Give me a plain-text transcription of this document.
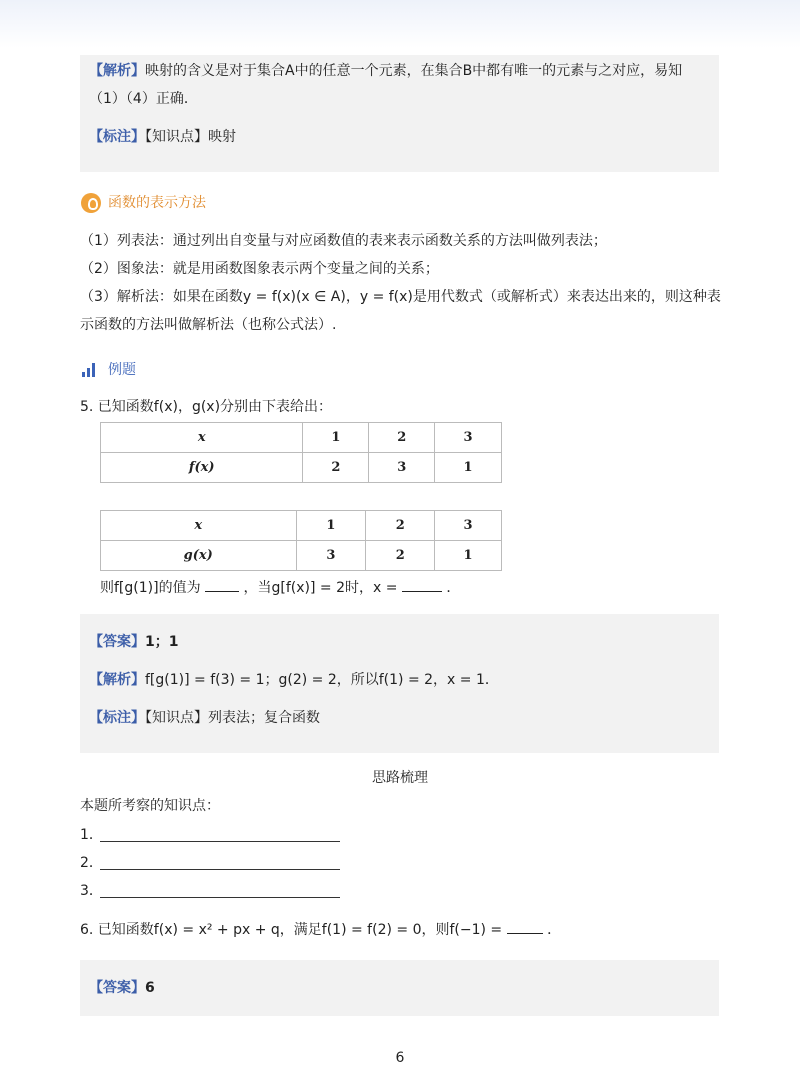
【解析】映射的含义是对于集合A中的任意一个元素，在集合B中都有唯一的元素与之对应，易知
（1）（4）正确．
【标注】【知识点】映射
函数的表示方法
（1）列表法：通过列出自变量与对应函数值的表来表示函数关系的方法叫做列表法；
（2）图象法：就是用函数图象表示两个变量之间的关系；
（3）解析法：如果在函数y = f(x)(x ∈ A)，y = f(x)是用代数式（或解析式）来表达出来的，则这种表
示函数的方法叫做解析法（也称公式法）.
例题
5. 已知函数f(x)，g(x)分别由下表给出：
x	1	2	3
f(x)	2	3	1
x	1	2	3
g(x)	3	2	1
则f[g(1)]的值为	，当g[f(x)] = 2时，x =	．
【答案】1；1
【解析】f[g(1)] = f(3) = 1；g(2) = 2，所以f(1) = 2，x = 1．
【标注】【知识点】列表法；复合函数
思路梳理
本题所考察的知识点：
1．
2．
3．
6. 已知函数f(x) = x² + px + q，满足f(1) = f(2) = 0，则f(−1) =	．
【答案】6
6
